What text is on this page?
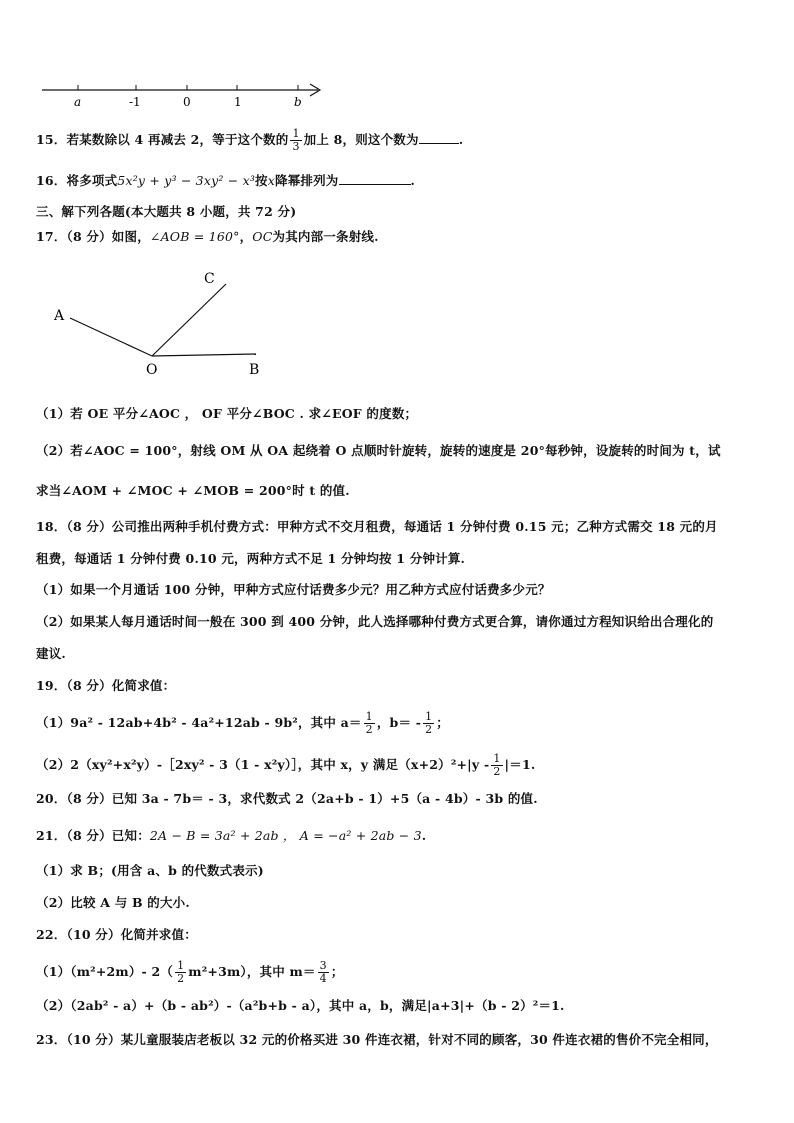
a	-1	0	1	b
15．若某数除以 4 再减去 2，等于这个数的 $\frac{1}{3}$ 加上 8，则这个数为	.
16．将多项式5x²y + y³ − 3xy² − x³按x降幂排列为	.
三、解下列各题(本大题共 8 小题，共 72 分)
17．（8 分）如图，∠AOB = 160°，OC为其内部一条射线.
A
C
O	B
（1）若 OE 平分∠AOC ， OF 平分∠BOC . 求∠EOF 的度数；
（2）若∠AOC = 100°，射线 OM 从 OA 起绕着 O 点顺时针旋转，旋转的速度是 20°每秒钟，设旋转的时间为 t，试
求当∠AOM + ∠MOC + ∠MOB = 200°时 t 的值.
18．（8 分）公司推出两种手机付费方式：甲种方式不交月租费，每通话 1 分钟付费 0.15 元；乙种方式需交 18 元的月
租费，每通话 1 分钟付费 0.10 元，两种方式不足 1 分钟均按 1 分钟计算.
（1）如果一个月通话 100 分钟，甲种方式应付话费多少元？用乙种方式应付话费多少元？
（2）如果某人每月通话时间一般在 300 到 400 分钟，此人选择哪种付费方式更合算，请你通过方程知识给出合理化的
建议.
19．（8 分）化简求值：
（1）9a² - 12ab+4b² - 4a²+12ab - 9b²，其中 $a= \frac{1}{2}$ ，$b= - \frac{1}{2}$ ；
（2）2（xy²+x²y）-［2xy² - 3（1 - x²y）］，其中 x，y 满足$(x+2)^2+|y - \frac{1}{2} |=1$.
20．（8 分）已知 3a - 7b＝ - 3，求代数式 2（2a+b - 1）+5（a - 4b）- 3b 的值.
21．（8 分）已知：2A − B = 3a² + 2ab ， A = −a² + 2ab − 3.
（1）求 B；(用含 a、b 的代数式表示)
（2）比较 A 与 B 的大小.
22．（10 分）化简并求值：
（1）（m²+2m）- $2( \frac{1}{2} m^2+3m)$，其中 $m= \frac{3}{4}$ ；
（2）（2ab² - a）+（b - ab²）-（a²b+b - a），其中 a，b，满足|a+3|+（b - 2）²＝1.
23．（10 分）某儿童服装店老板以 32 元的价格买进 30 件连衣裙，针对不同的顾客，30 件连衣裙的售价不完全相同，
